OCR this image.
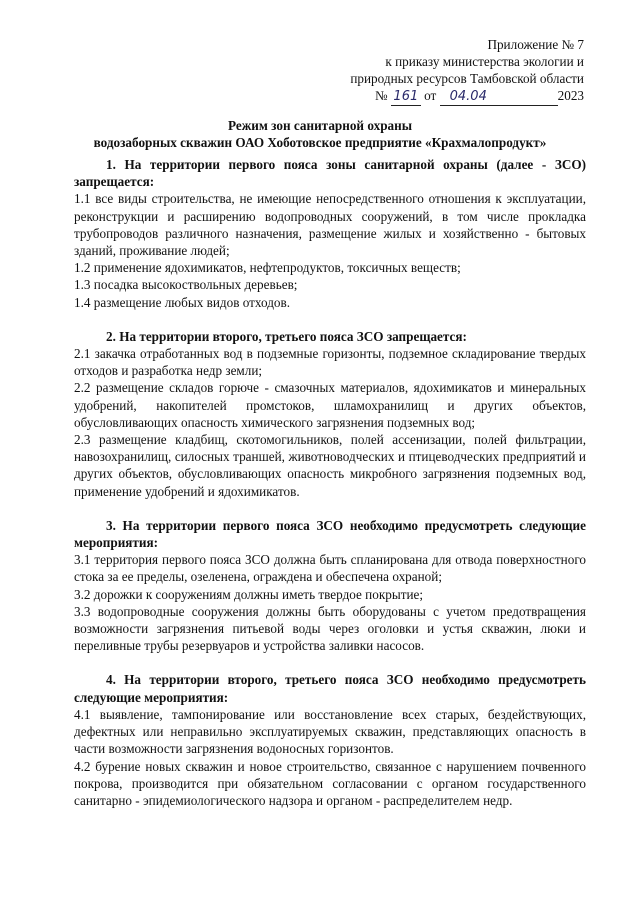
Приложение № 7
к приказу министерства экологии и
природных ресурсов Тамбовской области
№ 161 от 04.04	2023
Режим зон санитарной охраны
водозаборных скважин ОАО Хоботовское предприятие «Крахмалопродукт»
1. На территории первого пояса зоны санитарной охраны (далее - ЗСО) запрещается:
1.1 все виды строительства, не имеющие непосредственного отношения к эксплуатации, реконструкции и расширению водопроводных сооружений, в том числе прокладка трубопроводов различного назначения, размещение жилых и хозяйственно - бытовых зданий, проживание людей;
1.2 применение ядохимикатов, нефтепродуктов, токсичных веществ;
1.3 посадка высокоствольных деревьев;
1.4 размещение любых видов отходов.
2. На территории второго, третьего пояса ЗСО запрещается:
2.1 закачка отработанных вод в подземные горизонты, подземное складирование твердых отходов и разработка недр земли;
2.2 размещение складов горюче - смазочных материалов, ядохимикатов и минеральных удобрений, накопителей промстоков, шламохранилищ и других объектов, обусловливающих опасность химического загрязнения подземных вод;
2.3 размещение кладбищ, скотомогильников, полей ассенизации, полей фильтрации, навозохранилищ, силосных траншей, животноводческих и птицеводческих предприятий и других объектов, обусловливающих опасность микробного загрязнения подземных вод, применение удобрений и ядохимикатов.
3. На территории первого пояса ЗСО необходимо предусмотреть следующие мероприятия:
3.1 территория первого пояса ЗСО должна быть спланирована для отвода поверхностного стока за ее пределы, озеленена, ограждена и обеспечена охраной;
3.2 дорожки к сооружениям должны иметь твердое покрытие;
3.3 водопроводные сооружения должны быть оборудованы с учетом предотвращения возможности загрязнения питьевой воды через оголовки и устья скважин, люки и переливные трубы резервуаров и устройства заливки насосов.
4. На территории второго, третьего пояса ЗСО необходимо предусмотреть следующие мероприятия:
4.1 выявление, тампонирование или восстановление всех старых, бездействующих, дефектных или неправильно эксплуатируемых скважин, представляющих опасность в части возможности загрязнения водоносных горизонтов.
4.2 бурение новых скважин и новое строительство, связанное с нарушением почвенного покрова, производится при обязательном согласовании с органом государственного санитарно - эпидемиологического надзора и органом - распределителем недр.
